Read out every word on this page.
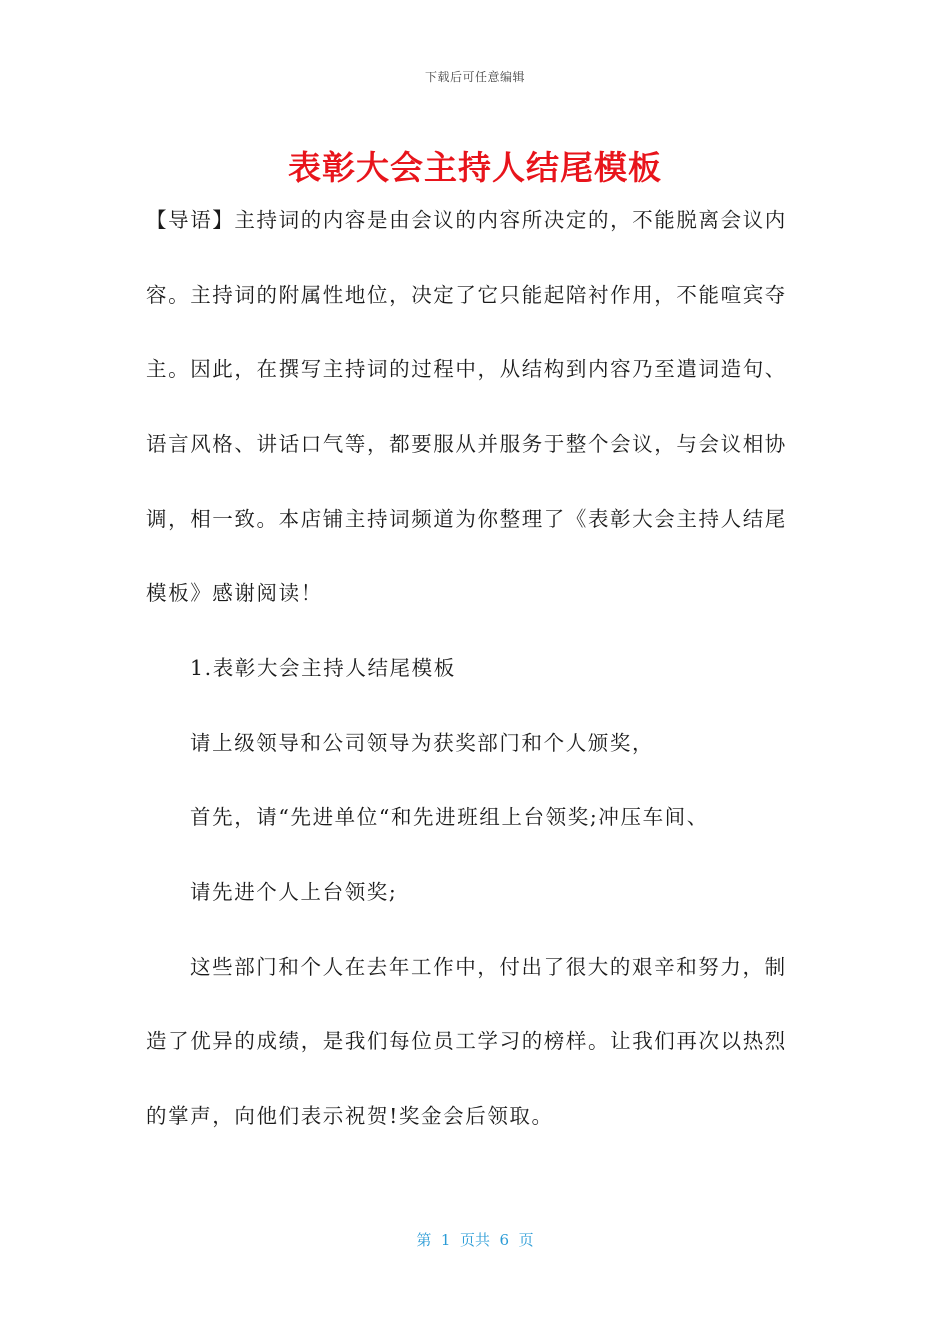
下载后可任意编辑
表彰大会主持人结尾模板
【导语】主持词的内容是由会议的内容所决定的，不能脱离会议内
容。主持词的附属性地位，决定了它只能起陪衬作用，不能喧宾夺
主。因此，在撰写主持词的过程中，从结构到内容乃至遣词造句、
语言风格、讲话口气等，都要服从并服务于整个会议，与会议相协
调，相一致。本店铺主持词频道为你整理了《表彰大会主持人结尾
模板》感谢阅读！
1.表彰大会主持人结尾模板
请上级领导和公司领导为获奖部门和个人颁奖，
首先，请“先进单位“和先进班组上台领奖;冲压车间、
请先进个人上台领奖;
这些部门和个人在去年工作中，付出了很大的艰辛和努力，制
造了优异的成绩，是我们每位员工学习的榜样。让我们再次以热烈
的掌声，向他们表示祝贺!奖金会后领取。
第  1  页共  6  页
